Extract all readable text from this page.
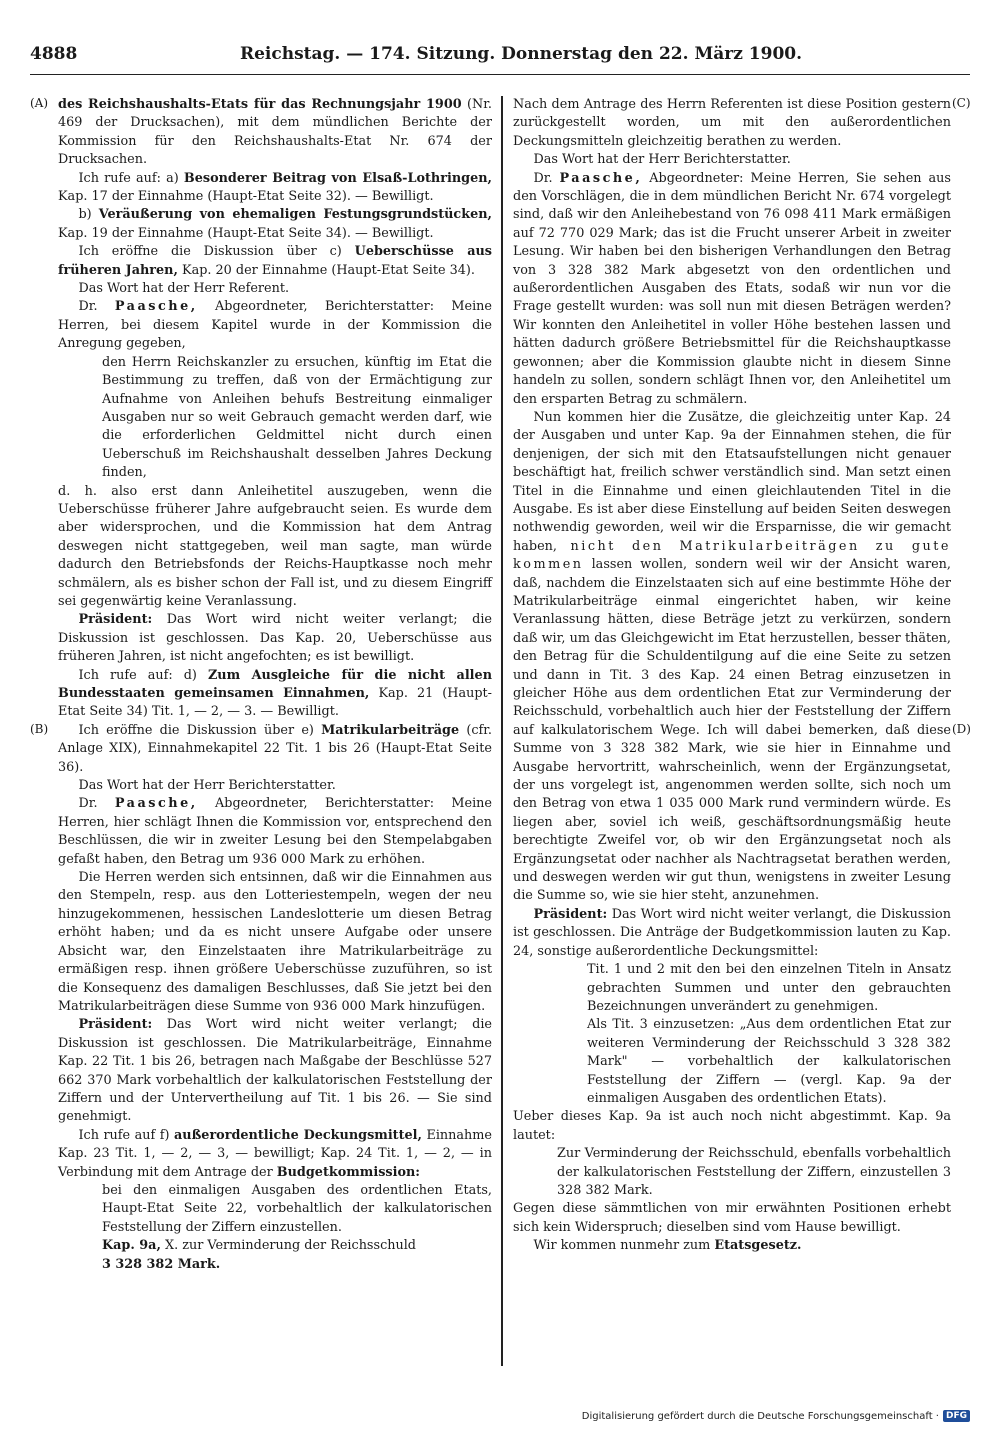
4888	Reichstag. — 174. Sitzung. Donnerstag den 22. März 1900.
(A)
(B)
(C)
(D)

des Reichshaushalts-Etats für das Rechnungsjahr 1900 (Nr. 469 der Drucksachen), mit dem mündlichen Berichte der Kommission für den Reichshaushalts-Etat Nr. 674 der Drucksachen.

Ich rufe auf: a) Besonderer Beitrag von Elsaß-Lothringen, Kap. 17 der Einnahme (Haupt-Etat Seite 32). — Bewilligt.

b) Veräußerung von ehemaligen Festungsgrundstücken, Kap. 19 der Einnahme (Haupt-Etat Seite 34). — Bewilligt.

Ich eröffne die Diskussion über c) Ueberschüsse aus früheren Jahren, Kap. 20 der Einnahme (Haupt-Etat Seite 34).

Das Wort hat der Herr Referent.

Dr. Paasche, Abgeordneter, Berichterstatter: Meine Herren, bei diesem Kapitel wurde in der Kommission die Anregung gegeben,

den Herrn Reichskanzler zu ersuchen, künftig im Etat die Bestimmung zu treffen, daß von der Ermächtigung zur Aufnahme von Anleihen behufs Bestreitung einmaliger Ausgaben nur so weit Gebrauch gemacht werden darf, wie die erforderlichen Geldmittel nicht durch einen Ueberschuß im Reichshaushalt desselben Jahres Deckung finden,

d. h. also erst dann Anleihetitel auszugeben, wenn die Ueberschüsse früherer Jahre aufgebraucht seien. Es wurde dem aber widersprochen, und die Kommission hat dem Antrag deswegen nicht stattgegeben, weil man sagte, man würde dadurch den Betriebsfonds der Reichs-Hauptkasse noch mehr schmälern, als es bisher schon der Fall ist, und zu diesem Eingriff sei gegenwärtig keine Veranlassung.

Präsident: Das Wort wird nicht weiter verlangt; die Diskussion ist geschlossen. Das Kap. 20, Ueberschüsse aus früheren Jahren, ist nicht angefochten; es ist bewilligt.

Ich rufe auf: d) Zum Ausgleiche für die nicht allen Bundesstaaten gemeinsamen Einnahmen, Kap. 21 (Haupt-Etat Seite 34) Tit. 1, — 2, — 3. — Bewilligt.

Ich eröffne die Diskussion über e) Matrikularbeiträge (cfr. Anlage XIX), Einnahmekapitel 22 Tit. 1 bis 26 (Haupt-Etat Seite 36).

Das Wort hat der Herr Berichterstatter.

Dr. Paasche, Abgeordneter, Berichterstatter: Meine Herren, hier schlägt Ihnen die Kommission vor, entsprechend den Beschlüssen, die wir in zweiter Lesung bei den Stempelabgaben gefaßt haben, den Betrag um 936 000 Mark zu erhöhen.

Die Herren werden sich entsinnen, daß wir die Einnahmen aus den Stempeln, resp. aus den Lotteriestempeln, wegen der neu hinzugekommenen, hessischen Landeslotterie um diesen Betrag erhöht haben; und da es nicht unsere Aufgabe oder unsere Absicht war, den Einzelstaaten ihre Matrikularbeiträge zu ermäßigen resp. ihnen größere Ueberschüsse zuzuführen, so ist die Konsequenz des damaligen Beschlusses, daß Sie jetzt bei den Matrikularbeiträgen diese Summe von 936 000 Mark hinzufügen.

Präsident: Das Wort wird nicht weiter verlangt; die Diskussion ist geschlossen. Die Matrikularbeiträge, Einnahme Kap. 22 Tit. 1 bis 26, betragen nach Maßgabe der Beschlüsse 527 662 370 Mark vorbehaltlich der kalkulatorischen Feststellung der Ziffern und der Untervertheilung auf Tit. 1 bis 26. — Sie sind genehmigt.

Ich rufe auf f) außerordentliche Deckungsmittel, Einnahme Kap. 23 Tit. 1, — 2, — 3, — bewilligt; Kap. 24 Tit. 1, — 2, — in Verbindung mit dem Antrage der Budgetkommission:

bei den einmaligen Ausgaben des ordentlichen Etats, Haupt-Etat Seite 22, vorbehaltlich der kalkulatorischen Feststellung der Ziffern einzustellen.

Kap. 9a, X. zur Verminderung der Reichsschuld
3 328 382 Mark.

Nach dem Antrage des Herrn Referenten ist diese Position gestern zurückgestellt worden, um mit den außerordentlichen Deckungsmitteln gleichzeitig berathen zu werden.

Das Wort hat der Herr Berichterstatter.

Dr. Paasche, Abgeordneter: Meine Herren, Sie sehen aus den Vorschlägen, die in dem mündlichen Bericht Nr. 674 vorgelegt sind, daß wir den Anleihebestand von 76 098 411 Mark ermäßigen auf 72 770 029 Mark; das ist die Frucht unserer Arbeit in zweiter Lesung. Wir haben bei den bisherigen Verhandlungen den Betrag von 3 328 382 Mark abgesetzt von den ordentlichen und außerordentlichen Ausgaben des Etats, sodaß wir nun vor die Frage gestellt wurden: was soll nun mit diesen Beträgen werden? Wir konnten den Anleihetitel in voller Höhe bestehen lassen und hätten dadurch größere Betriebsmittel für die Reichshauptkasse gewonnen; aber die Kommission glaubte nicht in diesem Sinne handeln zu sollen, sondern schlägt Ihnen vor, den Anleihetitel um den ersparten Betrag zu schmälern.

Nun kommen hier die Zusätze, die gleichzeitig unter Kap. 24 der Ausgaben und unter Kap. 9a der Einnahmen stehen, die für denjenigen, der sich mit den Etatsaufstellungen nicht genauer beschäftigt hat, freilich schwer verständlich sind. Man setzt einen Titel in die Einnahme und einen gleichlautenden Titel in die Ausgabe. Es ist aber diese Einstellung auf beiden Seiten deswegen nothwendig geworden, weil wir die Ersparnisse, die wir gemacht haben, nicht den Matrikularbeiträgen zu gute kommen lassen wollen, sondern weil wir der Ansicht waren, daß, nachdem die Einzelstaaten sich auf eine bestimmte Höhe der Matrikularbeiträge einmal eingerichtet haben, wir keine Veranlassung hätten, diese Beträge jetzt zu verkürzen, sondern daß wir, um das Gleichgewicht im Etat herzustellen, besser thäten, den Betrag für die Schuldentilgung auf die eine Seite zu setzen und dann in Tit. 3 des Kap. 24 einen Betrag einzusetzen in gleicher Höhe aus dem ordentlichen Etat zur Verminderung der Reichsschuld, vorbehaltlich auch hier der Feststellung der Ziffern auf kalkulatorischem Wege. Ich will dabei bemerken, daß diese Summe von 3 328 382 Mark, wie sie hier in Einnahme und Ausgabe hervortritt, wahrscheinlich, wenn der Ergänzungsetat, der uns vorgelegt ist, angenommen werden sollte, sich noch um den Betrag von etwa 1 035 000 Mark rund vermindern würde. Es liegen aber, soviel ich weiß, geschäftsordnungsmäßig heute berechtigte Zweifel vor, ob wir den Ergänzungsetat noch als Ergänzungsetat oder nachher als Nachtragsetat berathen werden, und deswegen werden wir gut thun, wenigstens in zweiter Lesung die Summe so, wie sie hier steht, anzunehmen.

Präsident: Das Wort wird nicht weiter verlangt, die Diskussion ist geschlossen. Die Anträge der Budgetkommission lauten zu Kap. 24, sonstige außerordentliche Deckungsmittel:

Tit. 1 und 2 mit den bei den einzelnen Titeln in Ansatz gebrachten Summen und unter den gebrauchten Bezeichnungen unverändert zu genehmigen.

Als Tit. 3 einzusetzen: „Aus dem ordentlichen Etat zur weiteren Verminderung der Reichsschuld 3 328 382 Mark" — vorbehaltlich der kalkulatorischen Feststellung der Ziffern — (vergl. Kap. 9a der einmaligen Ausgaben des ordentlichen Etats).

Ueber dieses Kap. 9a ist auch noch nicht abgestimmt. Kap. 9a lautet:

Zur Verminderung der Reichsschuld, ebenfalls vorbehaltlich der kalkulatorischen Feststellung der Ziffern, einzustellen 3 328 382 Mark.

Gegen diese sämmtlichen von mir erwähnten Positionen erhebt sich kein Widerspruch; dieselben sind vom Hause bewilligt.

Wir kommen nunmehr zum Etatsgesetz.

Digitalisierung gefördert durch die Deutsche Forschungsgemeinschaft · DFG
